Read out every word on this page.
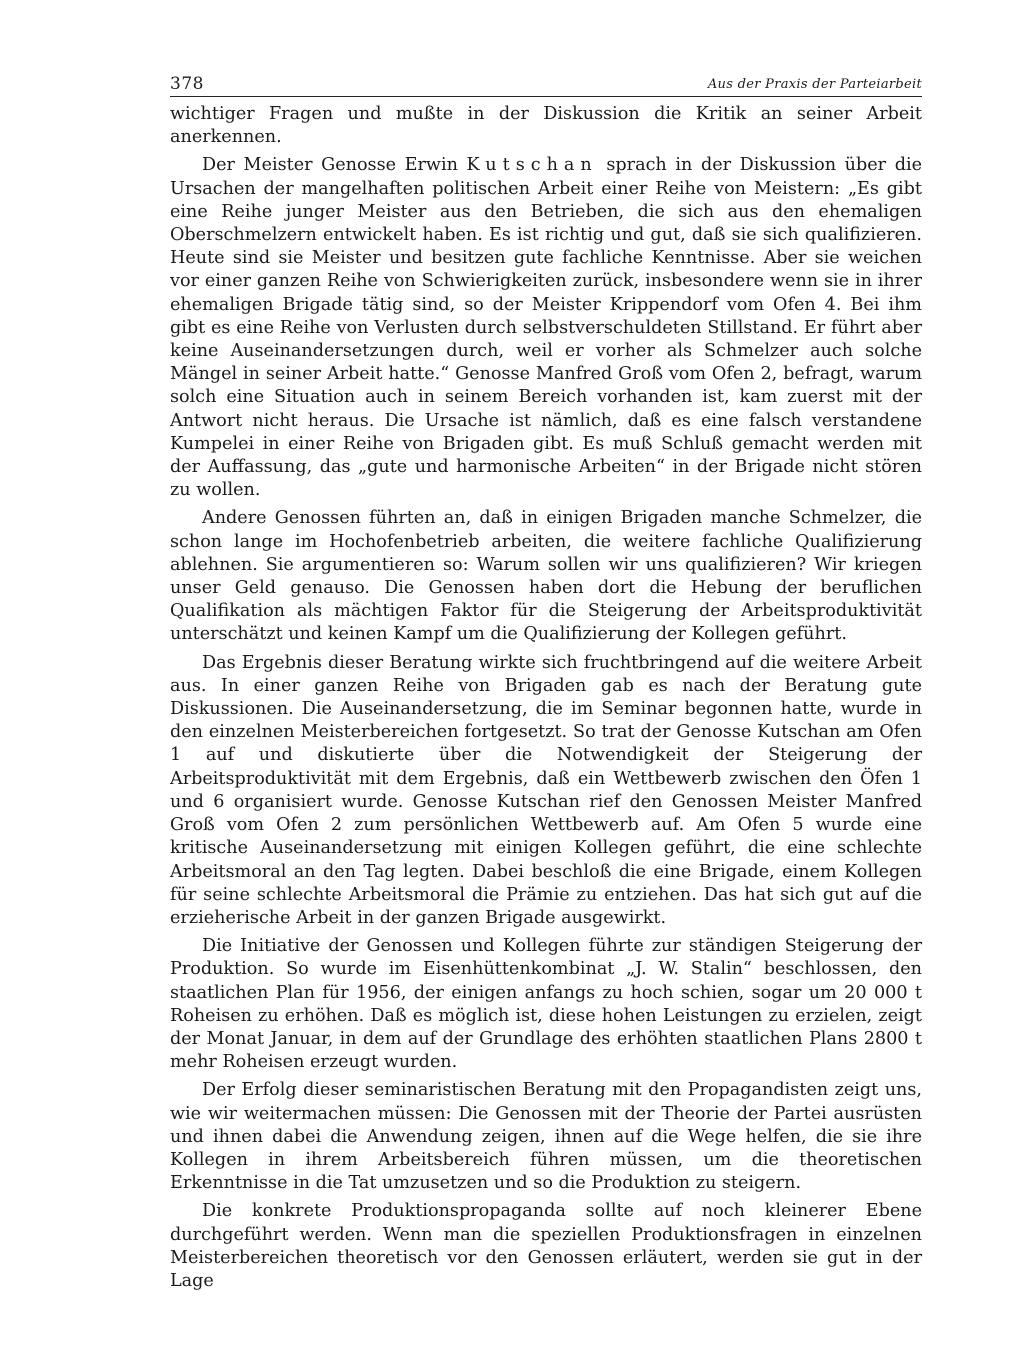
378	Aus der Praxis der Parteiarbeit

wichtiger Fragen und mußte in der Diskussion die Kritik an seiner Arbeit anerkennen.

Der Meister Genosse Erwin Kutschan sprach in der Diskussion über die Ursachen der mangelhaften politischen Arbeit einer Reihe von Meistern: „Es gibt eine Reihe junger Meister aus den Betrieben, die sich aus den ehemaligen Oberschmelzern entwickelt haben. Es ist richtig und gut, daß sie sich qualifizieren. Heute sind sie Meister und besitzen gute fachliche Kenntnisse. Aber sie weichen vor einer ganzen Reihe von Schwierigkeiten zurück, insbesondere wenn sie in ihrer ehemaligen Brigade tätig sind, so der Meister Krippendorf vom Ofen 4. Bei ihm gibt es eine Reihe von Verlusten durch selbstverschuldeten Stillstand. Er führt aber keine Auseinandersetzungen durch, weil er vorher als Schmelzer auch solche Mängel in seiner Arbeit hatte.“ Genosse Manfred Groß vom Ofen 2, befragt, warum solch eine Situation auch in seinem Bereich vorhanden ist, kam zuerst mit der Antwort nicht heraus. Die Ursache ist nämlich, daß es eine falsch verstandene Kumpelei in einer Reihe von Brigaden gibt. Es muß Schluß gemacht werden mit der Auffassung, das „gute und harmonische Arbeiten“ in der Brigade nicht stören zu wollen.

Andere Genossen führten an, daß in einigen Brigaden manche Schmelzer, die schon lange im Hochofenbetrieb arbeiten, die weitere fachliche Qualifizierung ablehnen. Sie argumentieren so: Warum sollen wir uns qualifizieren? Wir kriegen unser Geld genauso. Die Genossen haben dort die Hebung der beruflichen Qualifikation als mächtigen Faktor für die Steigerung der Arbeitsproduktivität unterschätzt und keinen Kampf um die Qualifizierung der Kollegen geführt.

Das Ergebnis dieser Beratung wirkte sich fruchtbringend auf die weitere Arbeit aus. In einer ganzen Reihe von Brigaden gab es nach der Beratung gute Diskussionen. Die Auseinandersetzung, die im Seminar begonnen hatte, wurde in den einzelnen Meisterbereichen fortgesetzt. So trat der Genosse Kutschan am Ofen 1 auf und diskutierte über die Notwendigkeit der Steigerung der Arbeitsproduktivität mit dem Ergebnis, daß ein Wettbewerb zwischen den Öfen 1 und 6 organisiert wurde. Genosse Kutschan rief den Genossen Meister Manfred Groß vom Ofen 2 zum persönlichen Wettbewerb auf. Am Ofen 5 wurde eine kritische Auseinandersetzung mit einigen Kollegen geführt, die eine schlechte Arbeitsmoral an den Tag legten. Dabei beschloß die eine Brigade, einem Kollegen für seine schlechte Arbeitsmoral die Prämie zu entziehen. Das hat sich gut auf die erzieherische Arbeit in der ganzen Brigade ausgewirkt.

Die Initiative der Genossen und Kollegen führte zur ständigen Steigerung der Produktion. So wurde im Eisenhüttenkombinat „J. W. Stalin“ beschlossen, den staatlichen Plan für 1956, der einigen anfangs zu hoch schien, sogar um 20 000 t Roheisen zu erhöhen. Daß es möglich ist, diese hohen Leistungen zu erzielen, zeigt der Monat Januar, in dem auf der Grundlage des erhöhten staatlichen Plans 2800 t mehr Roheisen erzeugt wurden.

Der Erfolg dieser seminaristischen Beratung mit den Propagandisten zeigt uns, wie wir weitermachen müssen: Die Genossen mit der Theorie der Partei ausrüsten und ihnen dabei die Anwendung zeigen, ihnen auf die Wege helfen, die sie ihre Kollegen in ihrem Arbeitsbereich führen müssen, um die theoretischen Erkenntnisse in die Tat umzusetzen und so die Produktion zu steigern.

Die konkrete Produktionspropaganda sollte auf noch kleinerer Ebene durchgeführt werden. Wenn man die speziellen Produktionsfragen in einzelnen Meisterbereichen theoretisch vor den Genossen erläutert, werden sie gut in der Lage
